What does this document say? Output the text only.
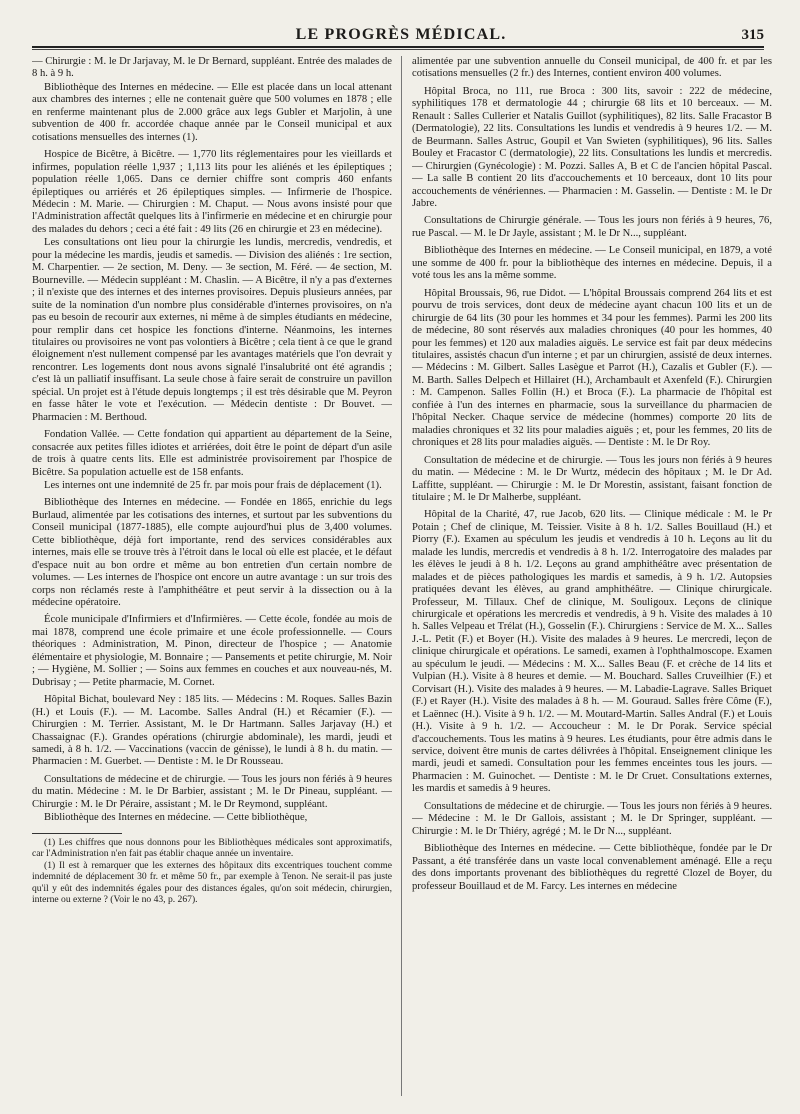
LE PROGRÈS MÉDICAL.	315

— Chirurgie : M. le Dr Jarjavay, M. le Dr Bernard, suppléant. Entrée des malades de 8 h. à 9 h.

Bibliothèque des Internes en médecine. — Elle est placée dans un local attenant aux chambres des internes ; elle ne contenait guère que 500 volumes en 1878 ; elle en renferme maintenant plus de 2.000 grâce aux legs Gubler et Marjolin, à une subvention de 400 fr. accordée chaque année par le Conseil municipal et aux cotisations mensuelles des internes (1).

Hospice de Bicêtre, à Bicêtre. — 1,770 lits réglementaires pour les vieillards et infirmes, population réelle 1,937 ; 1,113 lits pour les aliénés et les épileptiques ; population réelle 1,065. Dans ce dernier chiffre sont compris 460 enfants épileptiques ou arriérés et 26 épileptiques simples. — Infirmerie de l'hospice. Médecin : M. Marie. — Chirurgien : M. Chaput. — Nous avons insisté pour que l'Administration affectât quelques lits à l'infirmerie en médecine et en chirurgie pour des malades du dehors ; ceci a été fait : 49 lits (26 en chirurgie et 23 en médecine).

Les consultations ont lieu pour la chirurgie les lundis, mercredis, vendredis, et pour la médecine les mardis, jeudis et samedis. — Division des aliénés : 1re section, M. Charpentier. — 2e section, M. Deny. — 3e section, M. Féré. — 4e section, M. Bourneville. — Médecin suppléant : M. Chaslin. — A Bicêtre, il n'y a pas d'externes ; il n'existe que des internes et des internes provisoires. Depuis plusieurs années, par suite de la nomination d'un nombre plus considérable d'internes provisoires, on n'a pas eu besoin de recourir aux externes, ni même à de simples étudiants en médecine, pour remplir dans cet hospice les fonctions d'interne. Néanmoins, les internes titulaires ou provisoires ne vont pas volontiers à Bicêtre ; cela tient à ce que le grand éloignement n'est nullement compensé par les avantages matériels que l'on devrait y rencontrer. Les logements dont nous avons signalé l'insalubrité ont été agrandis ; c'est là un palliatif insuffisant. La seule chose à faire serait de construire un pavillon spécial. Un projet est à l'étude depuis longtemps ; il est très désirable que M. Peyron en fasse hâter le vote et l'exécution. — Médecin dentiste : Dr Bouvet. — Pharmacien : M. Berthoud.

Fondation Vallée. — Cette fondation qui appartient au département de la Seine, consacrée aux petites filles idiotes et arriérées, doit être le point de départ d'un asile de trois à quatre cents lits. Elle est administrée provisoirement par l'hospice de Bicêtre. Sa population actuelle est de 158 enfants.

Les internes ont une indemnité de 25 fr. par mois pour frais de déplacement (1).

Bibliothèque des Internes en médecine. — Fondée en 1865, enrichie du legs Burlaud, alimentée par les cotisations des internes, et surtout par les subventions du Conseil municipal (1877-1885), elle compte aujourd'hui plus de 3,400 volumes. Cette bibliothèque, déjà fort importante, rend des services considérables aux internes, mais elle se trouve très à l'étroit dans le local où elle est placée, et le défaut d'espace nuit au bon ordre et même au bon entretien d'un certain nombre de volumes. — Les internes de l'hospice ont encore un autre avantage : un sur trois des corps non réclamés reste à l'amphithéâtre et peut servir à la dissection ou à la médecine opératoire.

École municipale d'Infirmiers et d'Infirmières. — Cette école, fondée au mois de mai 1878, comprend une école primaire et une école professionnelle. — Cours théoriques : Administration, M. Pinon, directeur de l'hospice ; — Anatomie élémentaire et physiologie, M. Bonnaire ; — Pansements et petite chirurgie, M. Noir ; — Hygiène, M. Sollier ; — Soins aux femmes en couches et aux nouveau-nés, M. Dubrisay ; — Petite pharmacie, M. Cornet.

Hôpital Bichat, boulevard Ney : 185 lits. — Médecins : M. Roques. Salles Bazin (H.) et Louis (F.). — M. Lacombe. Salles Andral (H.) et Récamier (F.). — Chirurgien : M. Terrier. Assistant, M. le Dr Hartmann. Salles Jarjavay (H.) et Chassaignac (F.). Grandes opérations (chirurgie abdominale), les mardi, jeudi et samedi, à 8 h. 1/2. — Vaccinations (vaccin de génisse), le lundi à 8 h. du matin. — Pharmacien : M. Guerbet. — Dentiste : M. le Dr Rousseau.

Consultations de médecine et de chirurgie. — Tous les jours non fériés à 9 heures du matin. Médecine : M. le Dr Barbier, assistant ; M. le Dr Pineau, suppléant. — Chirurgie : M. le Dr Péraire, assistant ; M. le Dr Reymond, suppléant.

Bibliothèque des Internes en médecine. — Cette bibliothèque,

(1) Les chiffres que nous donnons pour les Bibliothèques médicales sont approximatifs, car l'Administration n'en fait pas établir chaque année un inventaire.

(1) Il est à remarquer que les externes des hôpitaux dits excentriques touchent comme indemnité de déplacement 30 fr. et même 50 fr., par exemple à Tenon. Ne serait-il pas juste qu'il y eût des indemnités égales pour des distances égales, qu'on soit médecin, chirurgien, interne ou externe ? (Voir le no 43, p. 267).

alimentée par une subvention annuelle du Conseil municipal, de 400 fr. et par les cotisations mensuelles (2 fr.) des Internes, contient environ 400 volumes.

Hôpital Broca, no 111, rue Broca : 300 lits, savoir : 222 de médecine, syphilitiques 178 et dermatologie 44 ; chirurgie 68 lits et 10 berceaux. — M. Renault : Salles Cullerier et Natalis Guillot (syphilitiques), 82 lits. Salle Fracastor B (Dermatologie), 22 lits. Consultations les lundis et vendredis à 9 heures 1/2. — M. de Beurmann. Salles Astruc, Goupil et Van Swieten (syphilitiques), 96 lits. Salles Bouley et Fracastor C (dermatologie), 22 lits. Consultations les lundis et mercredis. — Chirurgien (Gynécologie) : M. Pozzi. Salles A, B et C de l'ancien hôpital Pascal. — La salle B contient 20 lits d'accouchements et 10 berceaux, dont 10 lits pour accouchements de vénériennes. — Pharmacien : M. Gasselin. — Dentiste : M. le Dr Jabre.

Consultations de Chirurgie générale. — Tous les jours non fériés à 9 heures, 76, rue Pascal. — M. le Dr Jayle, assistant ; M. le Dr N..., suppléant.

Bibliothèque des Internes en médecine. — Le Conseil municipal, en 1879, a voté une somme de 400 fr. pour la bibliothèque des internes en médecine. Depuis, il a voté tous les ans la même somme.

Hôpital Broussais, 96, rue Didot. — L'hôpital Broussais comprend 264 lits et est pourvu de trois services, dont deux de médecine ayant chacun 100 lits et un de chirurgie de 64 lits (30 pour les hommes et 34 pour les femmes). Parmi les 200 lits de médecine, 80 sont réservés aux maladies chroniques (40 pour les hommes, 40 pour les femmes) et 120 aux maladies aiguës. Le service est fait par deux médecins titulaires, assistés chacun d'un interne ; et par un chirurgien, assisté de deux internes. — Médecins : M. Gilbert. Salles Lasègue et Parrot (H.), Cazalis et Gubler (F.). — M. Barth. Salles Delpech et Hillairet (H.), Archambault et Axenfeld (F.). Chirurgien : M. Campenon. Salles Follin (H.) et Broca (F.). La pharmacie de l'hôpital est confiée à l'un des internes en pharmacie, sous la surveillance du pharmacien de l'hôpital Necker. Chaque service de médecine (hommes) comporte 20 lits de maladies chroniques et 32 lits pour maladies aiguës ; et, pour les femmes, 20 lits de chroniques et 28 lits pour maladies aiguës. — Dentiste : M. le Dr Roy.

Consultation de médecine et de chirurgie. — Tous les jours non fériés à 9 heures du matin. — Médecine : M. le Dr Wurtz, médecin des hôpitaux ; M. le Dr Ad. Laffitte, suppléant. — Chirurgie : M. le Dr Morestin, assistant, faisant fonction de titulaire ; M. le Dr Malherbe, suppléant.

Hôpital de la Charité, 47, rue Jacob, 620 lits. — Clinique médicale : M. le Pr Potain ; Chef de clinique, M. Teissier. Visite à 8 h. 1/2. Salles Bouillaud (H.) et Piorry (F.). Examen au spéculum les jeudis et vendredis à 10 h. Leçons au lit du malade les lundis, mercredis et vendredis à 8 h. 1/2. Interrogatoire des malades par les élèves le jeudi à 8 h. 1/2. Leçons au grand amphithéâtre avec présentation de malades et de pièces pathologiques les mardis et samedis, à 9 h. 1/2. Autopsies pratiquées devant les élèves, au grand amphithéâtre. — Clinique chirurgicale. Professeur, M. Tillaux. Chef de clinique, M. Souligoux. Leçons de clinique chirurgicale et opérations les mercredis et vendredis, à 9 h. Visite des malades à 10 h. Salles Velpeau et Trélat (H.), Gosselin (F.). Chirurgiens : Service de M. X... Salles J.-L. Petit (F.) et Boyer (H.). Visite des malades à 9 heures. Le mercredi, leçon de clinique chirurgicale et opérations. Le samedi, examen à l'ophthalmoscope. Examen au spéculum le jeudi. — Médecins : M. X... Salles Beau (F. et crèche de 14 lits et Vulpian (H.). Visite à 8 heures et demie. — M. Bouchard. Salles Cruveilhier (F.) et Corvisart (H.). Visite des malades à 9 heures. — M. Labadie-Lagrave. Salles Briquet (F.) et Rayer (H.). Visite des malades à 8 h. — M. Gouraud. Salles frère Côme (F.), et Laënnec (H.). Visite à 9 h. 1/2. — M. Moutard-Martin. Salles Andral (F.) et Louis (H.). Visite à 9 h. 1/2. — Accoucheur : M. le Dr Porak. Service spécial d'accouchements. Tous les matins à 9 heures. Les étudiants, pour être admis dans le service, doivent être munis de cartes délivrées à l'hôpital. Enseignement clinique les mardi, jeudi et samedi. Consultation pour les femmes enceintes tous les jours. — Pharmacien : M. Guinochet. — Dentiste : M. le Dr Cruet. Consultations externes, les mardis et samedis à 9 heures.

Consultations de médecine et de chirurgie. — Tous les jours non fériés à 9 heures. — Médecine : M. le Dr Gallois, assistant ; M. le Dr Springer, suppléant. — Chirurgie : M. le Dr Thiéry, agrégé ; M. le Dr N..., suppléant.

Bibliothèque des Internes en médecine. — Cette bibliothèque, fondée par le Dr Passant, a été transférée dans un vaste local convenablement aménagé. Elle a reçu des dons importants provenant des bibliothèques du regretté Clozel de Boyer, du professeur Bouillaud et de M. Farcy. Les internes en médecine
